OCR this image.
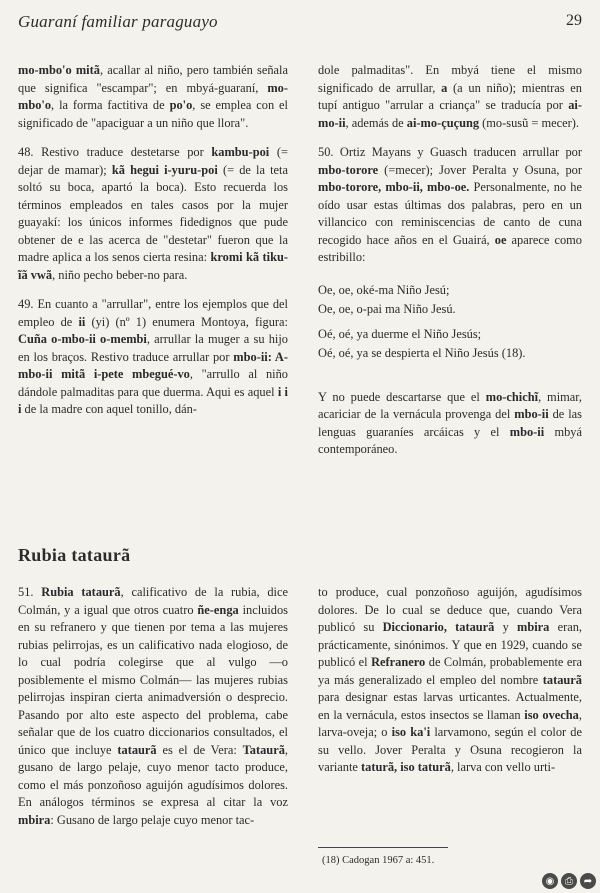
Guaraní familiar paraguayo	29

mo-mbo'o mitã, acallar al niño, pero también señala que significa "escampar"; en mbyá-guaraní, mo-mbo'o, la forma factitiva de po'o, se emplea con el significado de "apaciguar a un niño que llora".

48. Restivo traduce destetarse por kambu-poi (= dejar de mamar); kã hegui i-yuru-poi (= de la teta soltó su boca, apartó la boca). Esto recuerda los términos empleados en tales casos por la mujer guayakí: los únicos informes fidedignos que pude obtener de e las acerca de "destetar" fueron que la madre aplica a los senos cierta resina: kromi kã tiku-ĩã vwã, niño pecho beber-no para.

49. En cuanto a "arrullar", entre los ejemplos que del empleo de ii (yi) (nº 1) enumera Montoya, figura: Cuña o-mbo-ii o-membi, arrullar la muger a su hijo en los braços. Restivo traduce arrullar por mbo-ii: A-mbo-ii mitã i-pete mbegué-vo, "arrullo al niño dándole palmaditas para que duerma. Aqui es aquel i i i de la madre con aquel tonillo, dán-

dole palmaditas". En mbyá tiene el mismo significado de arrullar, a (a un niño); mientras en tupí antiguo "arrular a criança" se traducía por ai-mo-ii, además de ai-mo-çuçung (mo-susũ = mecer).

50. Ortiz Mayans y Guasch traducen arrullar por mbo-torore (=mecer); Jover Peralta y Osuna, por mbo-torore, mbo-ii, mbo-oe. Personalmente, no he oído usar estas últimas dos palabras, pero en un villancico con reminiscencias de canto de cuna recogido hace años en el Guairá, oe aparece como estribillo:

Oe, oe, oké-ma Niño Jesú;

Oe, oe, o-pai ma Niño Jesú.

Oé, oé, ya duerme el Niño Jesús;

Oé, oé, ya se despierta el Niño Jesús (18).

Y no puede descartarse que el mo-chichĩ, mimar, acariciar de la vernácula provenga del mbo-ii de las lenguas guaraníes arcáicas y el mbo-ii mbyá contemporáneo.

Rubia tataurã

51. Rubia tataurã, calificativo de la rubia, dice Colmán, y a igual que otros cuatro ñe-enga incluidos en su refranero y que tienen por tema a las mujeres rubias pelirrojas, es un calificativo nada elogioso, de lo cual podría colegirse que al vulgo —o posiblemente el mismo Colmán— las mujeres rubias pelirrojas inspiran cierta animadversión o desprecio. Pasando por alto este aspecto del problema, cabe señalar que de los cuatro diccionarios consultados, el único que incluye tataurã es el de Vera: Tataurã, gusano de largo pelaje, cuyo menor tacto produce, como el más ponzoñoso aguijón agudísimos dolores. En análogos términos se expresa al citar la voz mbira: Gusano de largo pelaje cuyo menor tac-

to produce, cual ponzoñoso aguijón, agudísimos dolores. De lo cual se deduce que, cuando Vera publicó su Diccionario, tataurã y mbira eran, prácticamente, sinónimos. Y que en 1929, cuando se publicó el Refranero de Colmán, probablemente era ya más generalizado el empleo del nombre tataurã para designar estas larvas urticantes. Actualmente, en la vernácula, estos insectos se llaman iso ovecha, larva-oveja; o iso ka'i larvamono, según el color de su vello. Jover Peralta y Osuna recogieron la variante taturã, iso taturã, larva con vello urti-

(18) Cadogan 1967 a: 451.
◉	⎙	➦
